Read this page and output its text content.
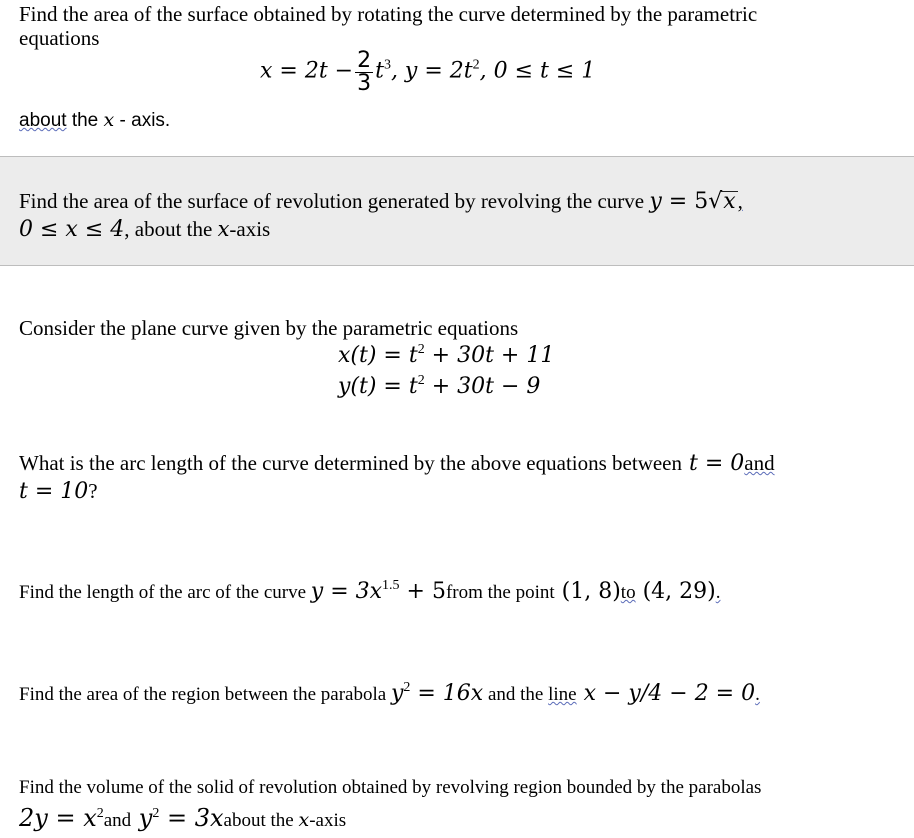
Find the area of the surface obtained by rotating the curve determined by the parametric
equations
$x = 2t - \frac{2}{3} t^3$, $y = 2t^2$, 0 ≤ t ≤ 1
about the x - axis.
Find the area of the surface of revolution generated by revolving the curve y = 5√x,
0 ≤ x ≤ 4, about the x-axis
Consider the plane curve given by the parametric equations
$x(t) = t^2 + 30t + 11$
$y(t) = t^2 + 30t - 9$
What is the arc length of the curve determined by the above equations between t = 0and
t = 10?
Find the length of the arc of the curve $y = 3x^{1.5}$ + 5from the point (1, 8)to (4, 29).
Find the area of the region between the parabola $y^2 = 16x$ and the line x − y/4 − 2 = 0.
Find the volume of the solid of revolution obtained by revolving region bounded by the parabolas
$2y = x^2and$ $y^2$ = 3xabout the x-axis
